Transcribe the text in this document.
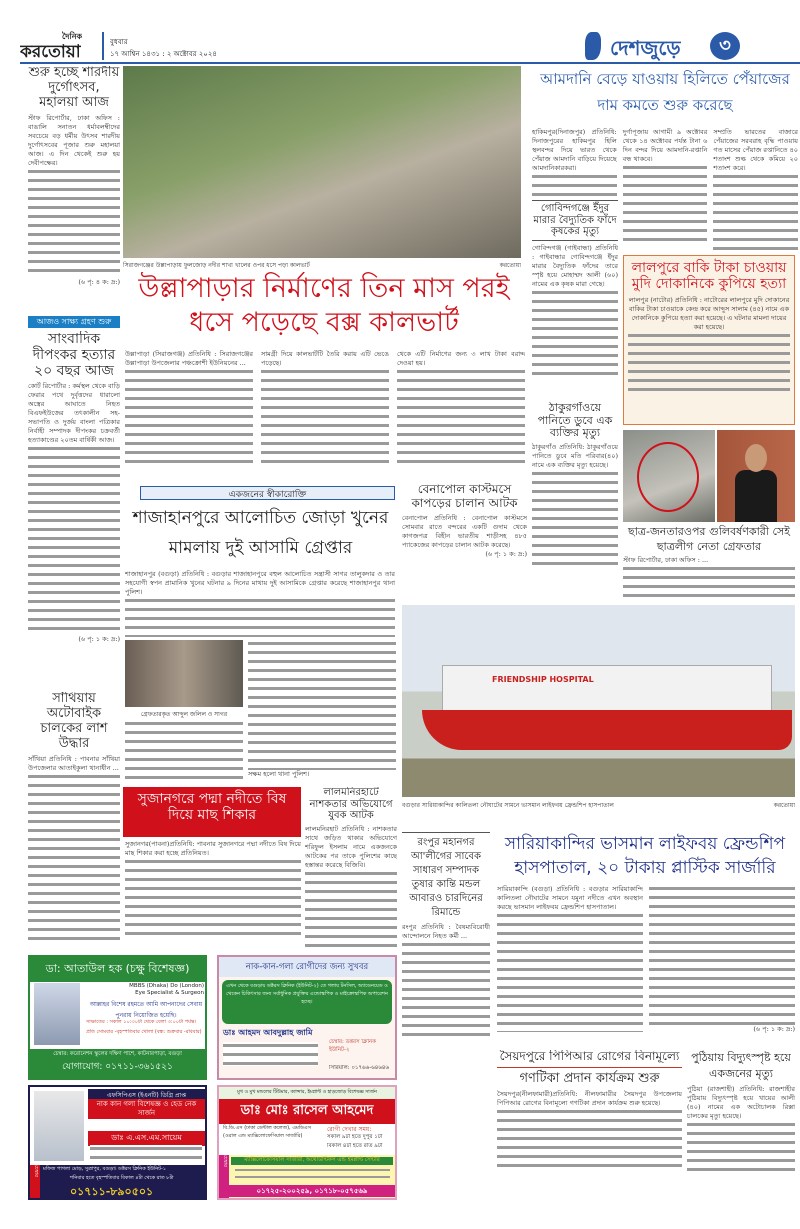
দৈনিক
করতোয়া	বুধবার
১৭ আশ্বিন ১৪৩১ : ২ অক্টোবর ২০২৪	দেশজুড়ে	৩
শুরু হচ্ছে শারদীয় দুর্গোৎসব, মহালয়া আজ
স্টাফ রিপোর্টার, ঢাকা অফিস : বাঙালি সনাতন ধর্মাবলম্বীদের সবচেয়ে বড় ধর্মীয় উৎসব শারদীয় দুর্গোৎসবের পূজার শুরু মহালয়া আজ। এ দিন থেকেই শুরু হয় দেবীপক্ষের।
(৬ পৃ: ৪ ক: দ্র:)
আজও সাক্ষ্য গ্রহণ শুরু
সাংবাদিক দীপংকর হত্যার ২০ বছর আজ
কোর্ট রিপোর্টার : কর্মস্থল থেকে বাড়ি ফেরার পথে দুর্বৃত্তদের ধারালো অস্ত্রের আঘাতে নিহত বিএফইউজের তৎকালীন সহ-সভাপতি ও দুর্জয় বাংলা পত্রিকার নির্বাহী সম্পাদক দীপংকর চক্রবর্তী হত্যাকাণ্ডের ২০তম বার্ষিকী আজ।
(৬ পৃ: ১ ক: দ্র:)
সাঁথিয়ায় অটোবাইক চালকের লাশ উদ্ধার
সাঁথিয়া প্রতিনিধি : পাবনার সাঁথিয়া উপজেলার আতাইকুলা থানাধীন ...
সিরাজগঞ্জের উল্লাপাড়ায় ফুলজোড় নদীর শাখা খালের ওপর ধসে পড়া কালভার্ট	করতোয়া
উল্লাপাড়ার নির্মাণের তিন মাস পরই ধসে পড়েছে বক্স কালভার্ট
উল্লাপাড়া (সিরাজগঞ্জ) প্রতিনিধি : সিরাজগঞ্জের উল্লাপাড়া উপজেলার পঞ্চক্রোশী ইউনিয়নের ...
সামগ্রী দিয়ে কালভার্টটি তৈরি করায় এটি ভেঙে পড়েছে।
থেকে এটি নির্মাণের জন্য ৩ লাখ টাকা বরাদ্দ দেওয়া হয়।
একজনের স্বীকারোক্তি
শাজাহানপুরে আলোচিত জোড়া খুনের মামলায় দুই আসামি গ্রেপ্তার
শাজাহানপুর (বগুড়া) প্রতিনিধি : বগুড়ার শাজাহানপুরে বহুল আলোচিত সন্ত্রাসী সাগর তালুকদার ও তার সহযোগী স্বপন প্রামানিক খুনের ঘটনার ৯ দিনের মাথায় দুই আসামিকে গ্রেপ্তার করেছে শাজাহানপুর থানা পুলিশ।
গ্রেফতারকৃত আব্দুল জলিল ও সাগর
সক্ষম হলো থানা পুলিশ।
সুজানগরে পদ্মা নদীতে বিষ দিয়ে মাছ শিকার
সুজানগর(পাবনা)প্রতিনিধি: পাবনার সুজানগরে পদ্মা নদীতে বিষ দিয়ে মাছ শিকার করা হচ্ছে প্রতিনিয়ত।
লালমনিরহাটে নাশকতার অভিযোগে যুবক আটক
লালমনিরহাট প্রতিনিধি : নাশকতার সাথে জড়িত থাকার অভিযোগে শরিফুল ইসলাম নামে একজনকে আটকের পর তাকে পুলিশের কাছে হস্তান্তর করেছে বিজিবি।
বেনাপোল কাস্টমসে কাপড়ের চালান আটক
বেনাপোল প্রতিনিধি : বেনাপোল কাস্টমসে সোমবার রাতে বন্দরের একটি গুদাম থেকে কাগজপত্র বিহীন ভারতীয় শাড়ীসহ ৪৮৫ প্যাকেজের কাপড়ের চালান আটক করেছে।
(৬ পৃ: ১ ক: দ্র:)
আমদানি বেড়ে যাওয়ায় হিলিতে পেঁয়াজের দাম কমতে শুরু করেছে
হাকিমপুর(দিনাজপুর) প্রতিনিধি: দিনাজপুরের হাকিমপুর হিলি স্থলবন্দর দিয়ে ভারত থেকে পেঁয়াজ আমদানি বাড়িয়ে দিয়েছে আমদানিকারকরা।
দুর্গাপূজায় আগামী ৯ অক্টোবর থেকে ১৪ অক্টোবর পর্যন্ত টানা ৬ দিন বন্দর দিয়ে আমদানি-রপ্তানি বন্ধ থাকবে।
সম্প্রতি ভারতের বাজারে পেঁয়াজের সরবরাহ বৃদ্ধি পাওয়ায় গত মাসের পেঁয়াজ রপ্তানিতে ৪০ শতাংশ শুল্ক থেকে কমিয়ে ২০ শতাংশ করে।
গোবিন্দগঞ্জে ইঁদুর মারার বৈদ্যুতিক ফাঁদে কৃষকের মৃত্যু
গোবিন্দগঞ্জ (গাইবান্ধা) প্রতিনিধি : গাইবান্ধার গোবিন্দগঞ্জে ইঁদুর মারার বৈদ্যুতিক ফাঁদের তারে স্পৃষ্ট হয়ে মোহাম্মদ আলী (৬০) নামের এক কৃষক মারা গেছে।
ঠাকুরগাঁওয়ে পানিতে ডুবে এক ব্যক্তির মৃত্যু
ঠাকুরগাঁও প্রতিনিধি: ঠাকুরগাঁওয়ে পানিতে ডুবে মতি পরিবার(৪০) নামে এক ব্যক্তির মৃত্যু হয়েছে।
লালপুরে বাকি টাকা চাওয়ায় মুদি দোকানিকে কুপিয়ে হত্যা
লালপুর (নাটোর) প্রতিনিধি : নাটোরের লালপুরে মুদি দোকানের বাকির টাকা চাওয়াকে কেন্দ্র করে আব্দুস সালাম (৪৫) নামে এক দোকানিকে কুপিয়ে হত্যা করা হয়েছে। এ ঘটনার মামলা দায়ের করা হয়েছে।
ছাত্র-জনতারওপর গুলিবর্ষণকারী সেই ছাত্রলীগ নেতা গ্রেফতার
স্টাফ রিপোর্টার, ঢাকা অফিস : ...
FRIENDSHIP HOSPITAL
বগুড়ার সারিয়াকান্দির কালিতলা নৌঘাটের সামনে ভাসমান লাইফবয় ফ্রেন্ডশিপ হাসপাতাল	করতোয়া
রংপুর মহানগর আ'লীগের সাবেক সাধারণ সম্পাদক তুষার কান্তি মন্ডল আবারও চারদিনের রিমান্ডে
রংপুর প্রতিনিধি : বৈষম্যবিরোধী আন্দোলনে নিহত কর্মী ...
সারিয়াকান্দির ভাসমান লাইফবয় ফ্রেন্ডশিপ হাসপাতাল, ২০ টাকায় প্লাস্টিক সার্জারি
সারিয়াকান্দি (বগুড়া) প্রতিনিধি : বগুড়ার সারিয়াকান্দি কালিতলা নৌঘাটের সামনে যমুনা নদীতে এখন অবস্থান করছে ভাসমান লাইফবয় ফ্রেন্ডশিপ হাসপাতাল।
(৬ পৃ: ১ ক: দ্র:)
সৈয়দপুরে পিপিআর রোগের বিনামূল্যে
গণটিকা প্রদান কার্যক্রম শুরু
সৈয়দপুর(নীলফামারী)প্রতিনিধি: নীলফামারীর সৈয়দপুর উপজেলায় পিপিআর রোগের বিনামূল্যে গণটিকা প্রদান কার্যক্রম শুরু হয়েছে।
পুঠিয়ায় বিদ্যুৎস্পৃষ্ট হয়ে একজনের মৃত্যু
পুঠিয়া (রাজশাহী) প্রতিনিধি: রাজশাহীর পুঠিয়ায় বিদ্যুৎস্পৃষ্ট হয়ে খায়ের আলী (৪০) নামের এক অটোচালক রিক্সা চালকের মৃত্যু হয়েছে।
ডা: আতাউল হক (চক্ষু বিশেষজ্ঞ)
MBBS (Dhaka) Do (London)
Eye Specialist & Surgeon
আল্লাহর বিশেষ রহমতে আমি আপনাদের সেবায় পুনরায় নিয়োজিত হয়েছি।
সাক্ষাতের : সকাল ১০:৩০টা থেকে বেলা ৩:০০টা পর্যন্ত।
প্রতি সোমবার -বৃহস্পতিবার খোলা (বন্ধ: শুক্রবার -রবিবার)
চেম্বার: করোনেশন স্কুলের দক্ষিণ পাশে, কাটনারপাড়া, বগুড়া
যোগাযোগ: ০১৭১১-৩৬১৫২১
নাক-কান-গলা রোগীদের জন্য সুখবর
এখন থেকে বগুড়ায় ডক্টরস ক্লিনিক (ইউনিট-২) তে গলায় টনসিল, অ্যাডেনয়েড ও থেকেন চিকিৎসার জন্য সর্বাধুনিক প্রযুক্তির এন্ডোস্কপিক ও মাইক্রোস্কপিক অপারেশন হচ্ছে।
ডাঃ আহমদ আবদুল্লাহ জামি
চেম্বার: ডক্টরস ক্লিনিক ইউনিট-২
সিরিয়াল: ০১৭৬৬-৬৪৬৪৬
এফসিপিএস (ইএনটি) ডিগ্রি প্রাপ্ত
নাক কান গলা বিশেষজ্ঞ ও হেড নেক সার্জন
ডাঃ এ.এস.এম.সায়েম
চেম্বার মফিজ পাগলা মোড়, সুত্রাপুর, বগুড়া। ডক্টরস ক্লিনিক ইউনিট-১
শনিবার হতে বৃহস্পতিবার বিকাল ৪টা থেকে রাত ৮টা
০১৭১১-৮৯০৫০১
মুখ ও মুখ মন্ডলের টিউমার, ক্যান্সার, ইমপ্লান্ট ও হাড়জোড় বিশেষজ্ঞ সার্জন
ডাঃ মোঃ রাসেল আহমেদ
বি.ডি.এস (ঢাকা ডেন্টাল কলেজ), এমডিএস (ওরাল এন্ড ম্যাক্সিলোফেসিয়াল সার্জারি)
রোগী দেখার সময়:
সকাল ৯টা হতে দুপুর ১টা
বিকাল ৪টা হতে রাত ৯টা
চেম্বার	ম্যাক্সিলোফেসিয়াল সার্জারী, অর্থোডন্টিকস এন্ড ইমপ্লান্ট সেন্টার
০১৭২৫-২০০২৫৯, ০১৭১৮-০৫৭৫৬৯
